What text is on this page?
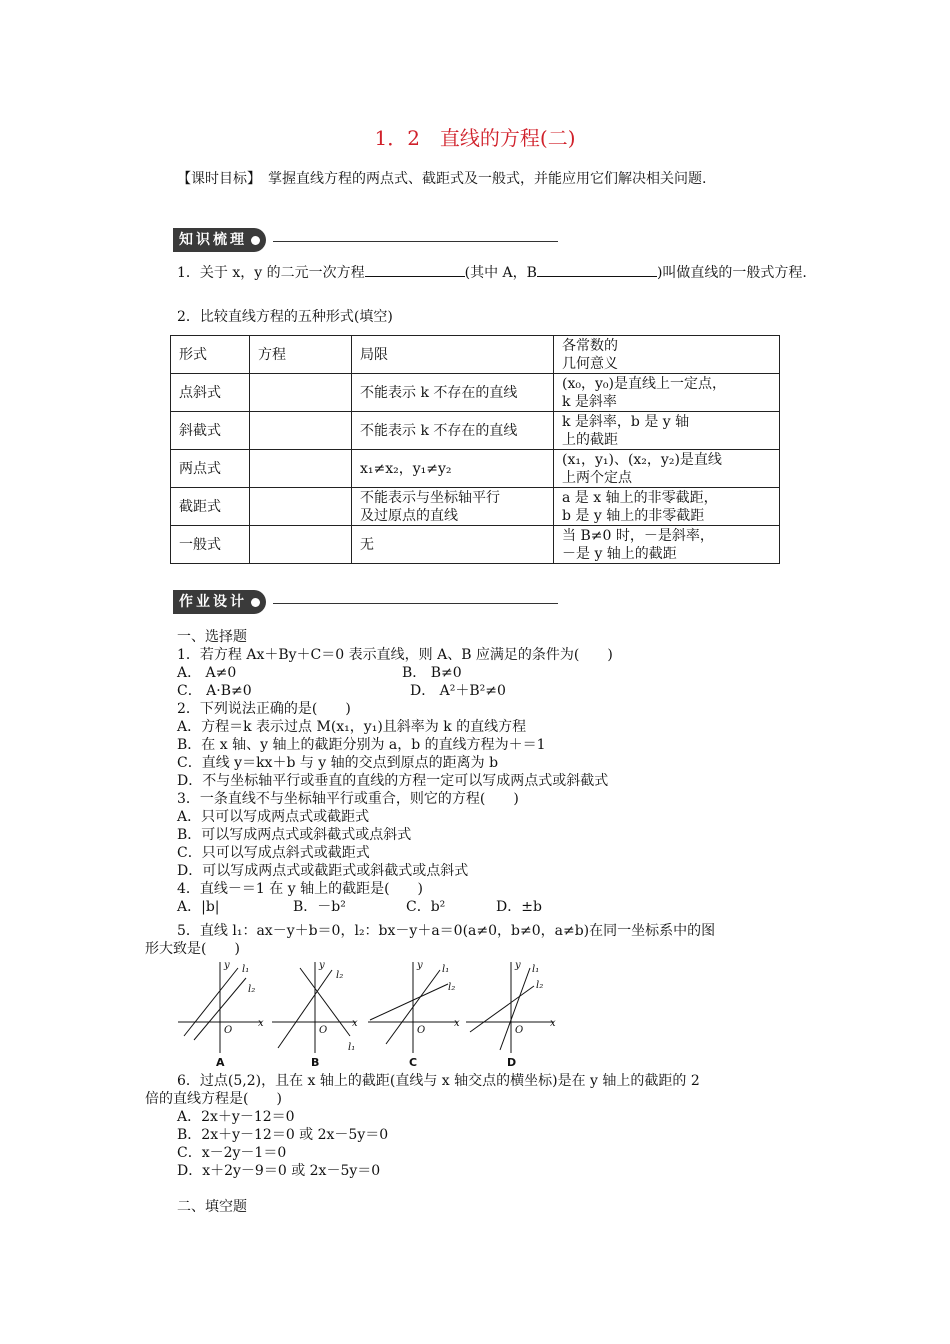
1．2　直线的方程(二)
【课时目标】　掌握直线方程的两点式、截距式及一般式，并能应用它们解决相关问题.
知识梳理
1．关于 x，y 的二元一次方程	(其中 A，B	)叫做直线的一般式方程.
2．比较直线方程的五种形式(填空)
形式	方程	局限	各常数的
几何意义
点斜式		不能表示 k 不存在的直线	(x₀，y₀)是直线上一定点，
k 是斜率
斜截式		不能表示 k 不存在的直线	k 是斜率，b 是 y 轴
上的截距
两点式		x₁≠x₂，y₁≠y₂	(x₁，y₁)、(x₂，y₂)是直线
上两个定点
截距式		不能表示与坐标轴平行
及过原点的直线	a 是 x 轴上的非零截距，
b 是 y 轴上的非零截距
一般式		无	当 B≠0 时，－是斜率，
－是 y 轴上的截距
作业设计
一、选择题
1．若方程 Ax＋By＋C＝0 表示直线，则 A、B 应满足的条件为(　　)
A． A≠0	B． B≠0
C． A·B≠0	D． A²＋B²≠0
2．下列说法正确的是(　　)
A．方程＝k 表示过点 M(x₁，y₁)且斜率为 k 的直线方程
B．在 x 轴、y 轴上的截距分别为 a，b 的直线方程为＋＝1
C．直线 y＝kx＋b 与 y 轴的交点到原点的距离为 b
D．不与坐标轴平行或垂直的直线的方程一定可以写成两点式或斜截式
3．一条直线不与坐标轴平行或重合，则它的方程(　　)
A．只可以写成两点式或截距式
B．可以写成两点式或斜截式或点斜式
C．只可以写成点斜式或截距式
D．可以写成两点式或截距式或斜截式或点斜式
4．直线－＝1 在 y 轴上的截距是(　　)
A．|b|	B．－b²	C．b²	D．±b
5．直线 l₁：ax－y＋b＝0，l₂：bx－y＋a＝0(a≠0，b≠0，a≠b)在同一坐标系中的图
形大致是(　　)
x
y
O
l₁
l₂
A
x
y
O
l₂
l₁
B
x
y
O
l₁
l₂
C
x
y
O
l₁
l₂
D
6．过点(5,2)，且在 x 轴上的截距(直线与 x 轴交点的横坐标)是在 y 轴上的截距的 2
倍的直线方程是(　　)
A．2x＋y－12＝0
B．2x＋y－12＝0 或 2x－5y＝0
C．x－2y－1＝0
D．x＋2y－9＝0 或 2x－5y＝0
二、填空题
